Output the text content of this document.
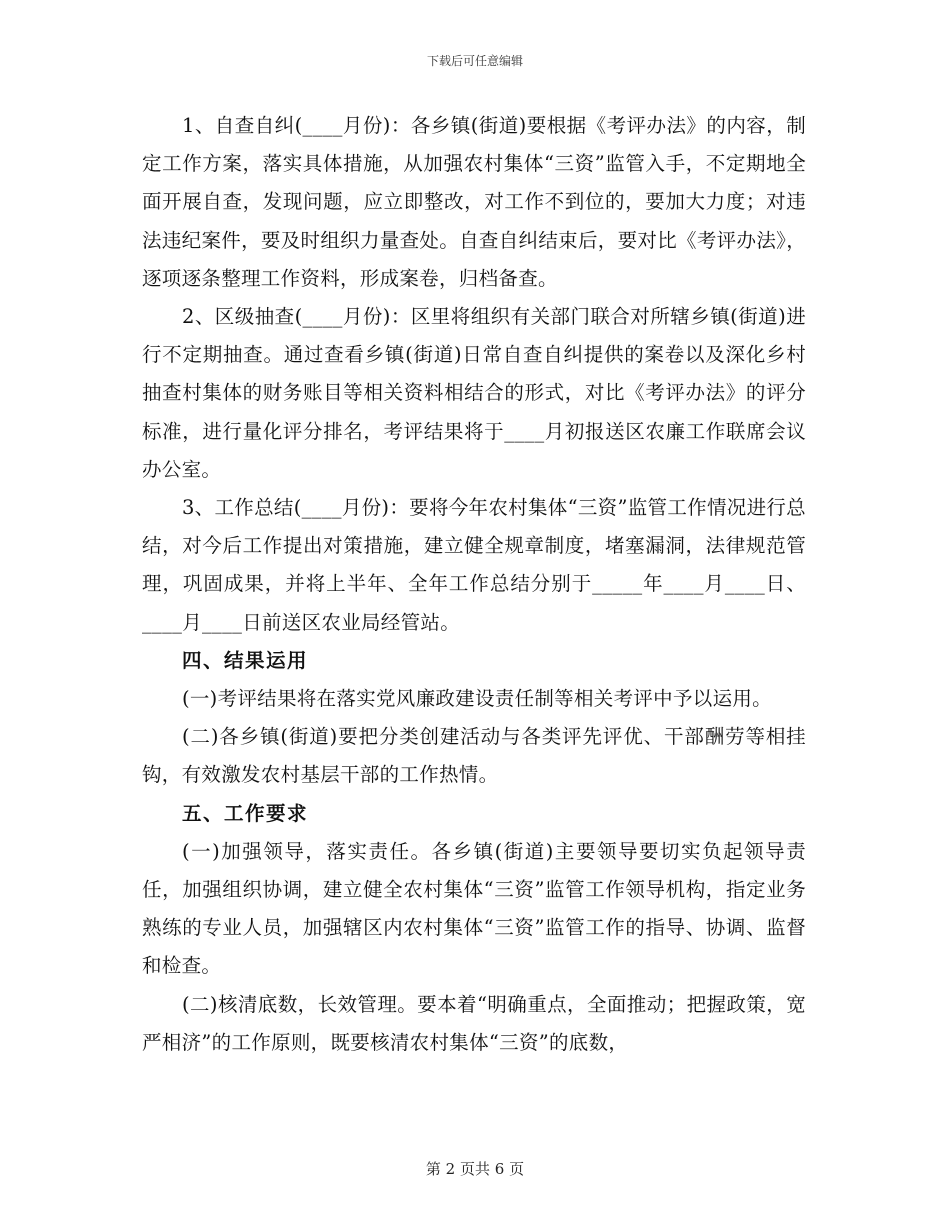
下载后可任意编辑

1、自查自纠(____月份)：各乡镇(街道)要根据《考评办法》的内容，制定工作方案，落实具体措施，从加强农村集体“三资”监管入手，不定期地全面开展自查，发现问题，应立即整改，对工作不到位的，要加大力度；对违法违纪案件，要及时组织力量查处。自查自纠结束后，要对比《考评办法》，逐项逐条整理工作资料，形成案卷，归档备查。

2、区级抽查(____月份)：区里将组织有关部门联合对所辖乡镇(街道)进行不定期抽查。通过查看乡镇(街道)日常自查自纠提供的案卷以及深化乡村抽查村集体的财务账目等相关资料相结合的形式，对比《考评办法》的评分标准，进行量化评分排名，考评结果将于____月初报送区农廉工作联席会议办公室。

3、工作总结(____月份)：要将今年农村集体“三资”监管工作情况进行总结，对今后工作提出对策措施，建立健全规章制度，堵塞漏洞，法律规范管理，巩固成果，并将上半年、全年工作总结分别于_____年____月____日、____月____日前送区农业局经管站。

四、结果运用

(一)考评结果将在落实党风廉政建设责任制等相关考评中予以运用。

(二)各乡镇(街道)要把分类创建活动与各类评先评优、干部酬劳等相挂钩，有效激发农村基层干部的工作热情。

五、工作要求

(一)加强领导，落实责任。各乡镇(街道)主要领导要切实负起领导责任，加强组织协调，建立健全农村集体“三资”监管工作领导机构，指定业务熟练的专业人员，加强辖区内农村集体“三资”监管工作的指导、协调、监督和检查。

(二)核清底数，长效管理。要本着“明确重点，全面推动；把握政策，宽严相济”的工作原则，既要核清农村集体“三资”的底数，

第 2 页共 6 页
